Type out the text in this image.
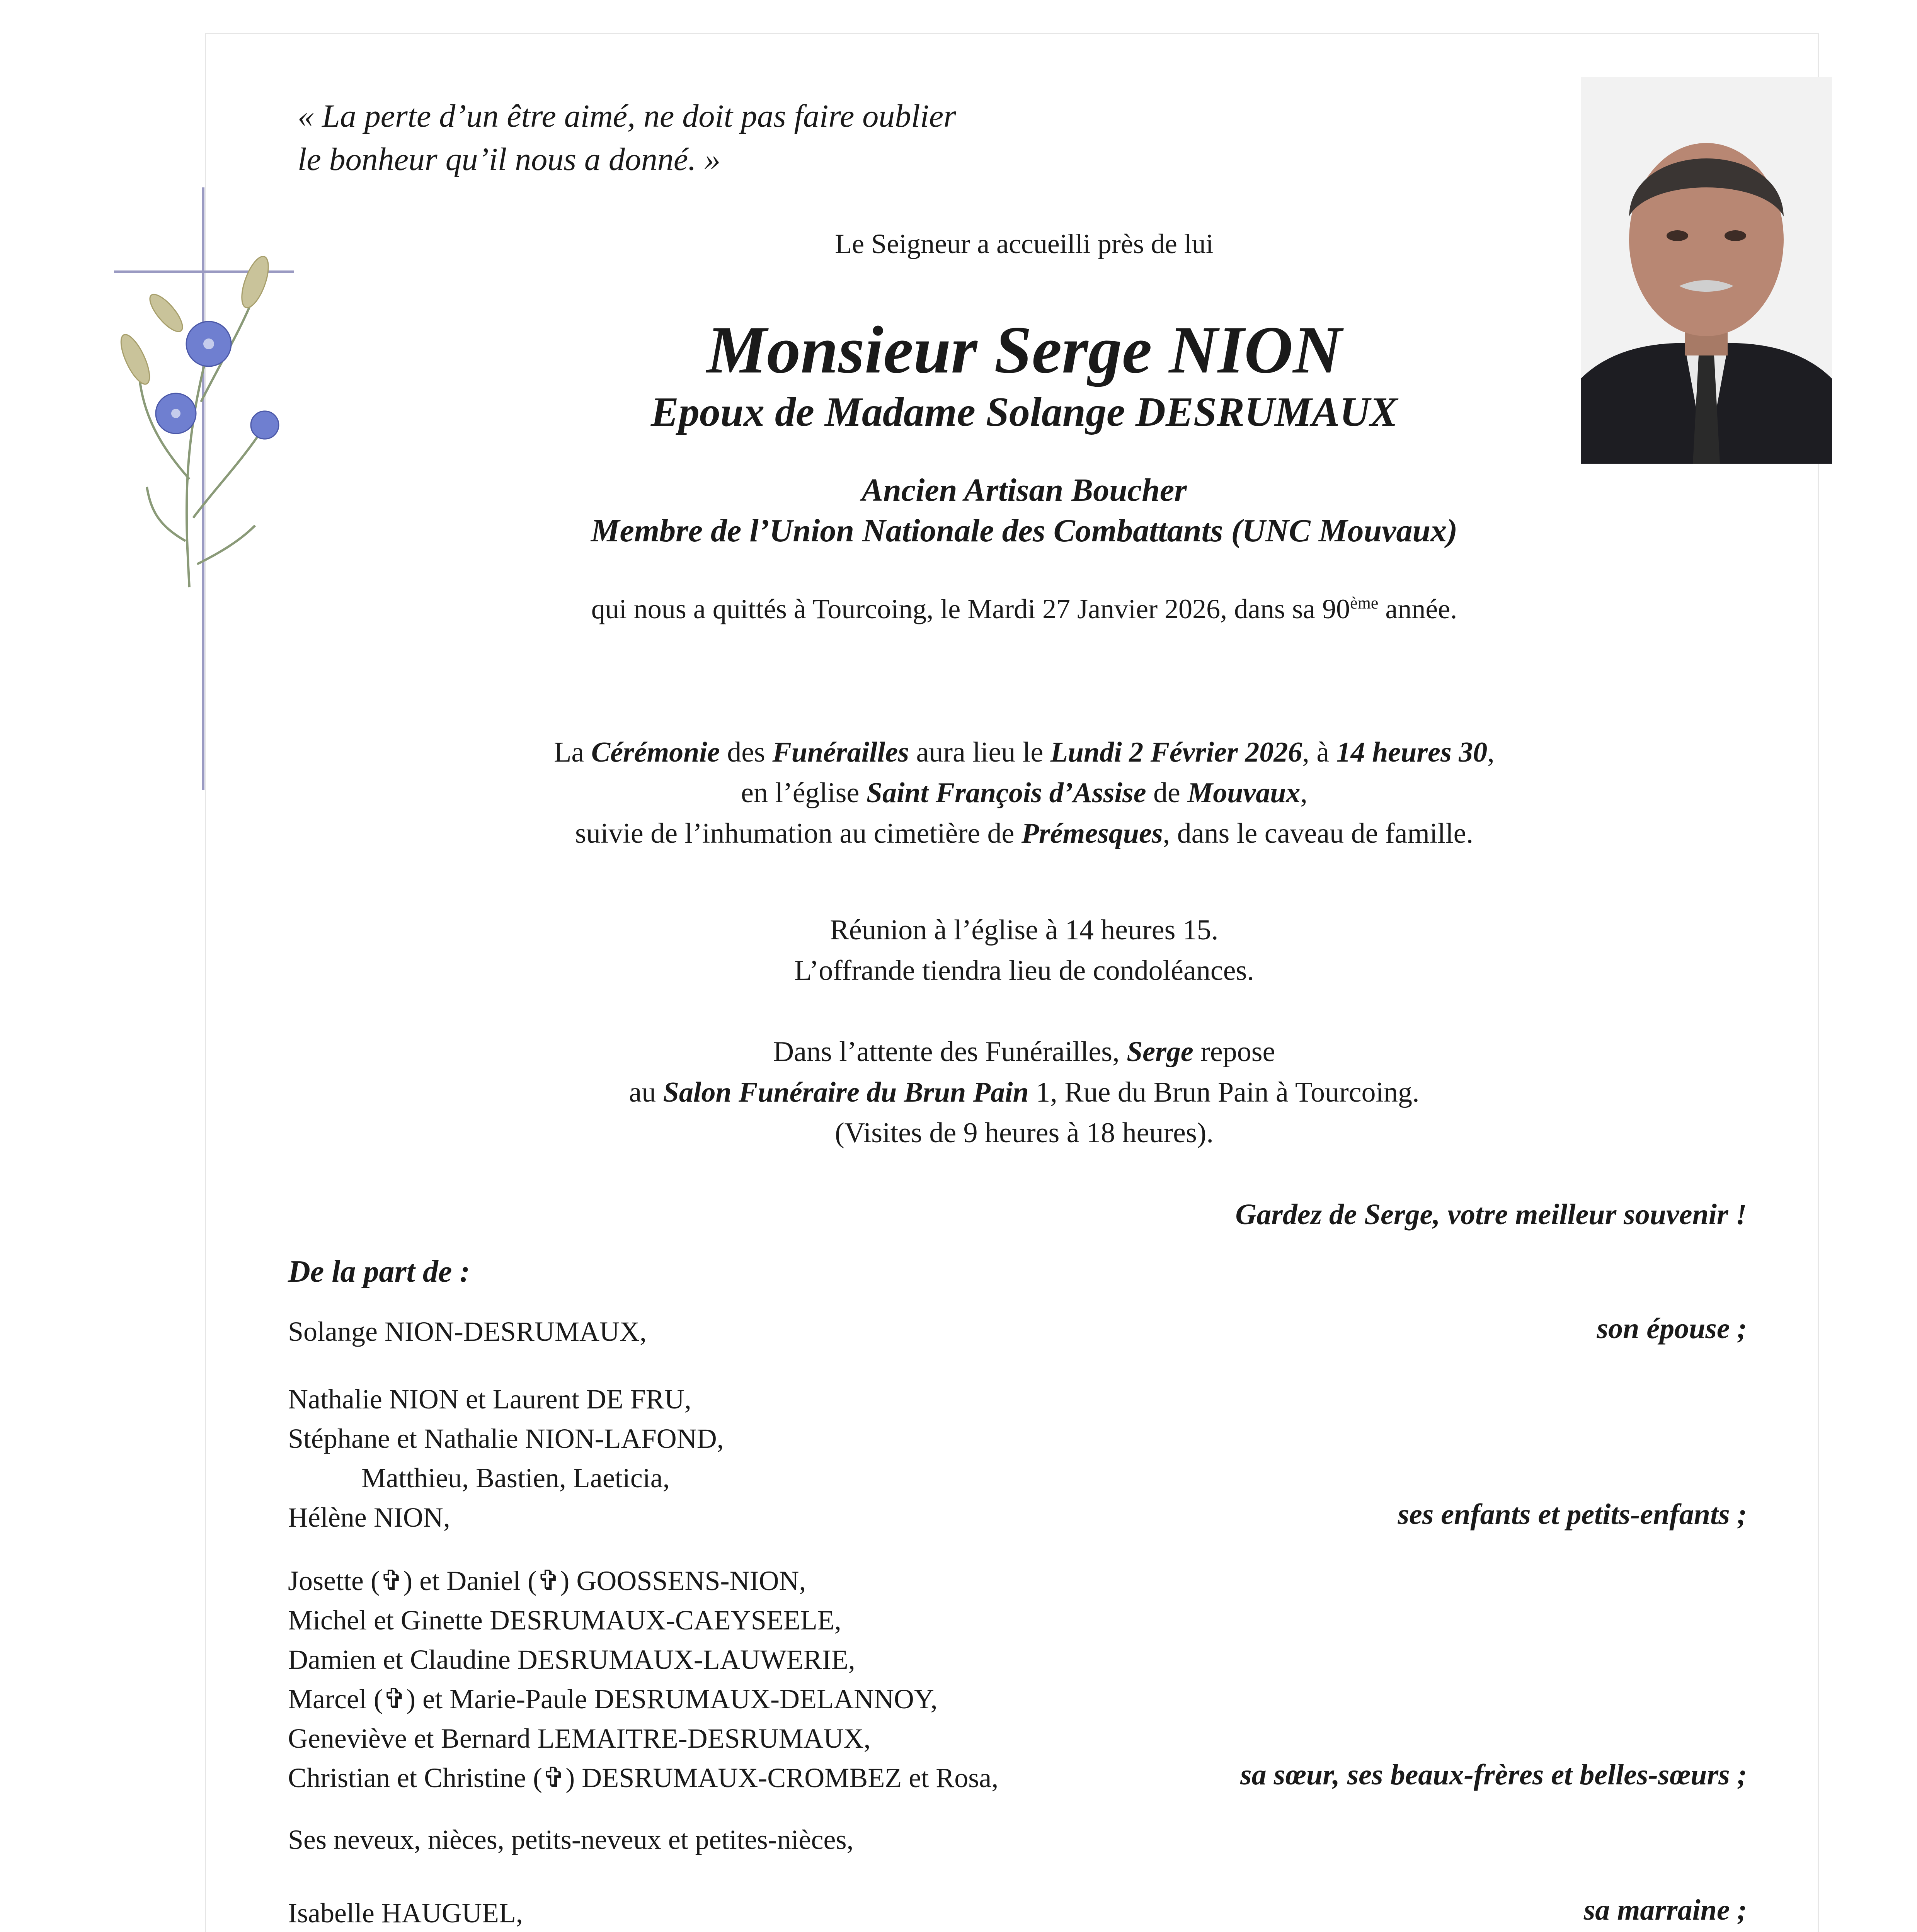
« La perte d’un être aimé, ne doit pas faire oublier
le bonheur qu’il nous a donné. »
Le Seigneur a accueilli près de lui
Monsieur Serge NION
Epoux de Madame Solange DESRUMAUX
Ancien Artisan Boucher
Membre de l’Union Nationale des Combattants (UNC Mouvaux)
qui nous a quittés à Tourcoing, le Mardi 27 Janvier 2026, dans sa 90ème année.
La Cérémonie des Funérailles aura lieu le Lundi 2 Février 2026, à 14 heures 30,
en l’église Saint François d’Assise de Mouvaux,
suivie de l’inhumation au cimetière de Prémesques, dans le caveau de famille.
Réunion à l’église à 14 heures 15.
L’offrande tiendra lieu de condoléances.
Dans l’attente des Funérailles, Serge repose
au Salon Funéraire du Brun Pain 1, Rue du Brun Pain à Tourcoing.
(Visites de 9 heures à 18 heures).
Gardez de Serge, votre meilleur souvenir !
De la part de :
Solange NION-DESRUMAUX,	son épouse ;
Nathalie NION et Laurent DE FRU,
Stéphane et Nathalie NION-LAFOND,
Matthieu, Bastien, Laeticia,
Hélène NION,	ses enfants et petits-enfants ;
Josette (✞) et Daniel (✞) GOOSSENS-NION,
Michel et Ginette DESRUMAUX-CAEYSEELE,
Damien et Claudine DESRUMAUX-LAUWERIE,
Marcel (✞) et Marie-Paule DESRUMAUX-DELANNOY,
Geneviève et Bernard LEMAITRE-DESRUMAUX,
Christian et Christine (✞) DESRUMAUX-CROMBEZ et Rosa,	sa sœur, ses beaux-frères et belles-sœurs ;
Ses neveux, nièces, petits-neveux et petites-nièces,
Isabelle HAUGUEL,	sa marraine ;
